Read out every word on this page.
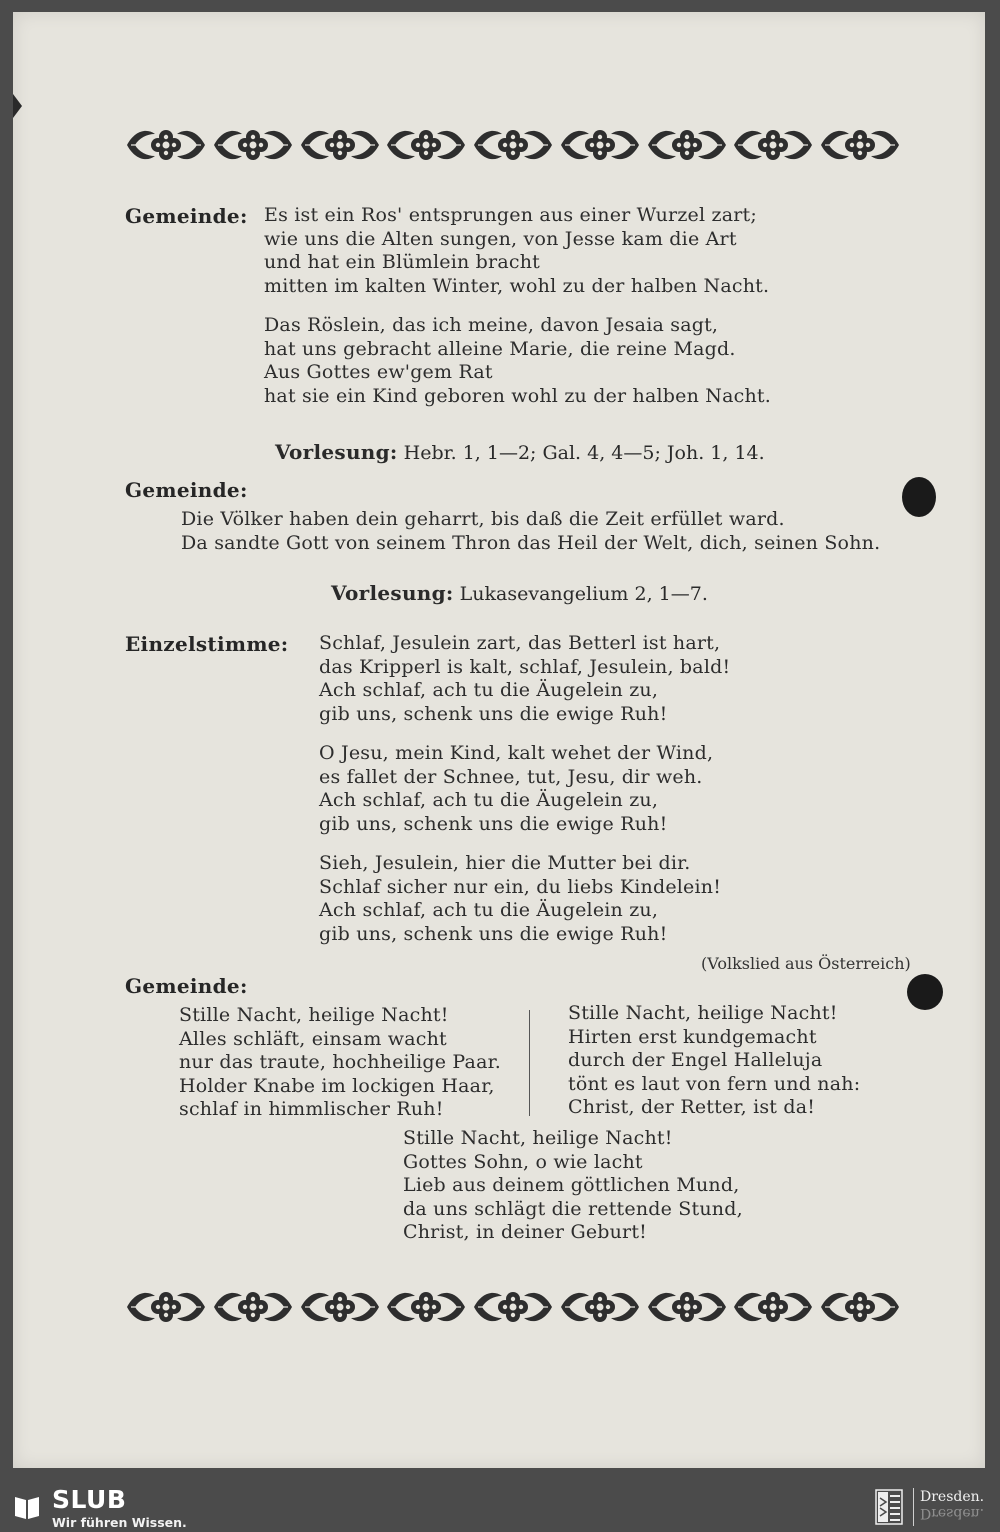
Gemeinde: Es ist ein Ros' entsprungen aus einer Wurzel zart;
wie uns die Alten sungen, von Jesse kam die Art
und hat ein Blümlein bracht
mitten im kalten Winter, wohl zu der halben Nacht.
Das Röslein, das ich meine, davon Jesaia sagt,
hat uns gebracht alleine Marie, die reine Magd.
Aus Gottes ew'gem Rat
hat sie ein Kind geboren wohl zu der halben Nacht.
Vorlesung: Hebr. 1, 1—2; Gal. 4, 4—5; Joh. 1, 14.
Gemeinde:
Die Völker haben dein geharrt, bis daß die Zeit erfüllet ward.
Da sandte Gott von seinem Thron das Heil der Welt, dich, seinen Sohn.
Vorlesung: Lukasevangelium 2, 1—7.
Einzelstimme: Schlaf, Jesulein zart, das Betterl ist hart,
das Kripperl is kalt, schlaf, Jesulein, bald!
Ach schlaf, ach tu die Äugelein zu,
gib uns, schenk uns die ewige Ruh!
O Jesu, mein Kind, kalt wehet der Wind,
es fallet der Schnee, tut, Jesu, dir weh.
Ach schlaf, ach tu die Äugelein zu,
gib uns, schenk uns die ewige Ruh!
Sieh, Jesulein, hier die Mutter bei dir.
Schlaf sicher nur ein, du liebs Kindelein!
Ach schlaf, ach tu die Äugelein zu,
gib uns, schenk uns die ewige Ruh!
(Volkslied aus Österreich)
Gemeinde:
Stille Nacht, heilige Nacht!
Alles schläft, einsam wacht
nur das traute, hochheilige Paar.
Holder Knabe im lockigen Haar,
schlaf in himmlischer Ruh!
Stille Nacht, heilige Nacht!
Hirten erst kundgemacht
durch der Engel Halleluja
tönt es laut von fern und nah:
Christ, der Retter, ist da!
Stille Nacht, heilige Nacht!
Gottes Sohn, o wie lacht
Lieb aus deinem göttlichen Mund,
da uns schlägt die rettende Stund,
Christ, in deiner Geburt!
SLUB
Wir führen Wissen.
Dresden.
Dresden.
